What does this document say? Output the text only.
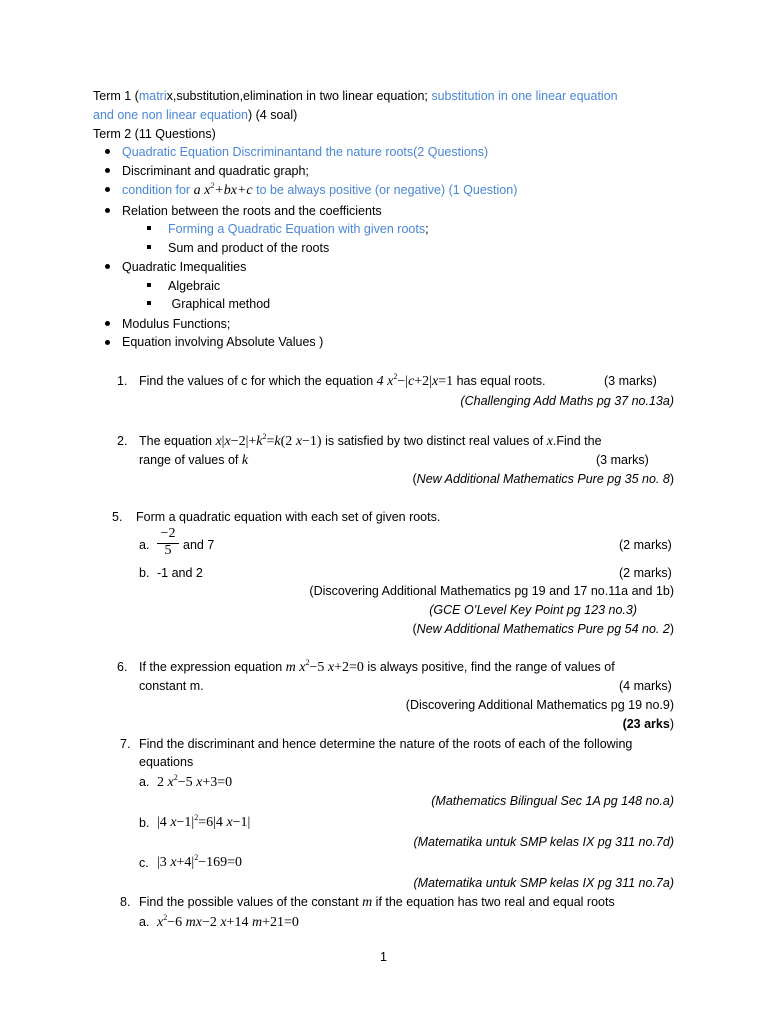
Term 1 (matrix,substitution,elimination in two linear equation; substitution in one linear equation
and one non linear equation) (4 soal)
Term 2 (11 Questions)
Quadratic Equation Discriminantand the nature roots(2 Questions)
Discriminant and quadratic graph;
condition for a $x^2+bx+c$ to be always positive (or negative) (1 Question)
Relation between the roots and the coefficients
Forming a Quadratic Equation with given roots;
Sum and product of the roots
Quadratic Imequalities
Algebraic
Graphical method
Modulus Functions;
Equation involving Absolute Values )
1. Find the values of c for which the equation 4 $x^2-|c+2|x=1$ has equal roots.	(3 marks)
(Challenging Add Maths pg 37 no.13a)
2. The equation $x|x-2|+k^2=k(2$ x−1) is satisfied by two distinct real values of x.Find the
range of values of k	(3 marks)
(New Additional Mathematics Pure pg 35 no. 8)
5. Form a quadratic equation with each set of given roots.
a.
−2
5 and 7	(2 marks)
b. -1 and 2	(2 marks)
(Discovering Additional Mathematics pg 19 and 17 no.11a and 1b)
(GCE O’Level Key Point pg 123 no.3)
(New Additional Mathematics Pure pg 54 no. 2)
6. If the expression equation m $x^2-5$ x+2=0 is always positive, find the range of values of
constant m.	(4 marks)
(Discovering Additional Mathematics pg 19 no.9)
(23 arks)
7. Find the discriminant and hence determine the nature of the roots of each of the following
equations
a. 2 $x^2-5$ x+3=0
(Mathematics Bilingual Sec 1A pg 148 no.a)
b. |4 $x-1|^2=6|4$ x−1|
(Matematika untuk SMP kelas IX pg 311 no.7d)
c. |3 $x+4|^2-169=0$
(Matematika untuk SMP kelas IX pg 311 no.7a)
8. Find the possible values of the constant m if the equation has two real and equal roots
a. $x^2-6$ mx−2 x+14 m+21=0
1
